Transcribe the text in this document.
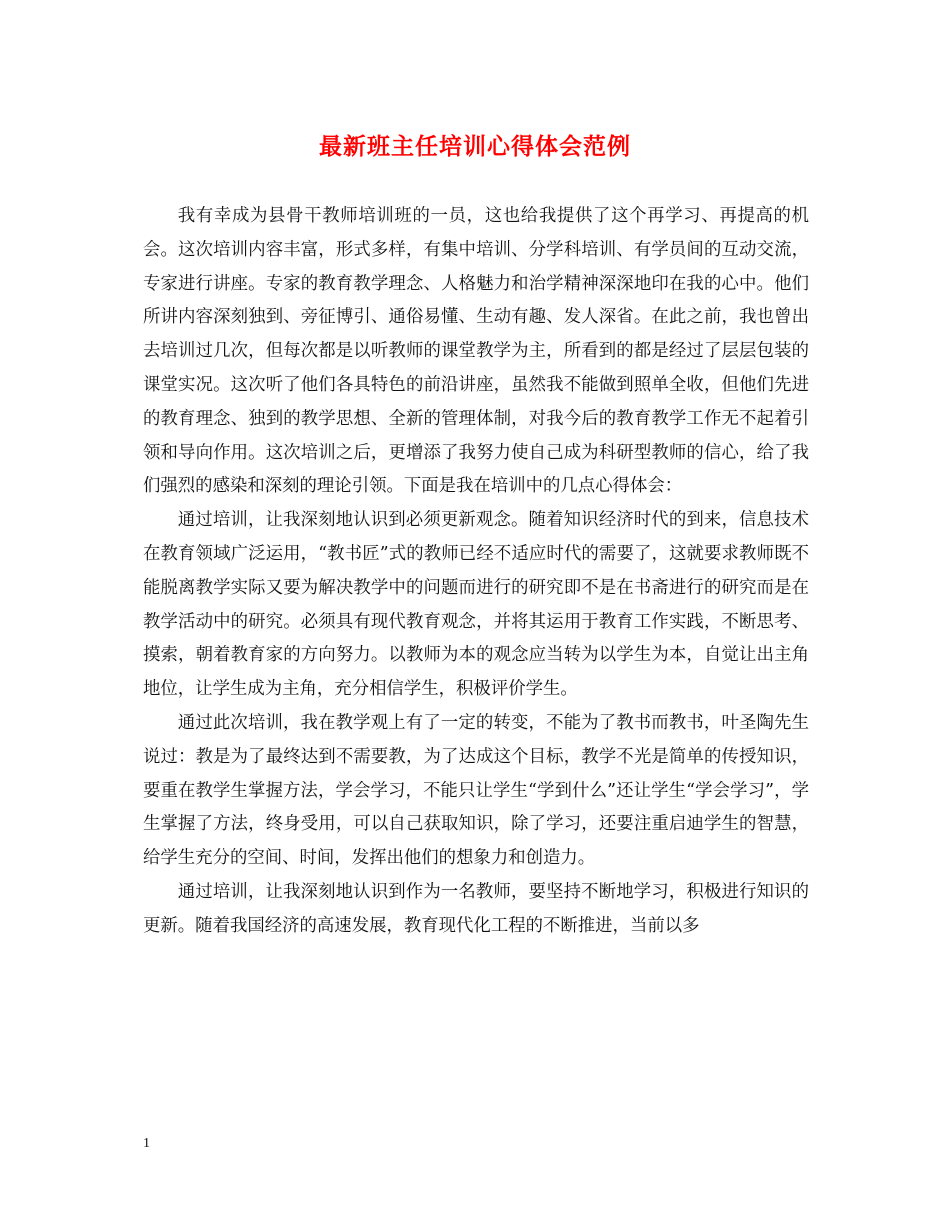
最新班主任培训心得体会范例

我有幸成为县骨干教师培训班的一员，这也给我提供了这个再学习、再提高的机会。这次培训内容丰富，形式多样，有集中培训、分学科培训、有学员间的互动交流，专家进行讲座。专家的教育教学理念、人格魅力和治学精神深深地印在我的心中。他们所讲内容深刻独到、旁征博引、通俗易懂、生动有趣、发人深省。在此之前，我也曾出去培训过几次，但每次都是以听教师的课堂教学为主，所看到的都是经过了层层包装的课堂实况。这次听了他们各具特色的前沿讲座，虽然我不能做到照单全收，但他们先进的教育理念、独到的教学思想、全新的管理体制，对我今后的教育教学工作无不起着引领和导向作用。这次培训之后，更增添了我努力使自己成为科研型教师的信心，给了我们强烈的感染和深刻的理论引领。下面是我在培训中的几点心得体会：

通过培训，让我深刻地认识到必须更新观念。随着知识经济时代的到来，信息技术在教育领域广泛运用，“教书匠”式的教师已经不适应时代的需要了，这就要求教师既不能脱离教学实际又要为解决教学中的问题而进行的研究即不是在书斋进行的研究而是在教学活动中的研究。必须具有现代教育观念，并将其运用于教育工作实践，不断思考、摸索，朝着教育家的方向努力。以教师为本的观念应当转为以学生为本，自觉让出主角地位，让学生成为主角，充分相信学生，积极评价学生。

通过此次培训，我在教学观上有了一定的转变，不能为了教书而教书，叶圣陶先生说过：教是为了最终达到不需要教，为了达成这个目标，教学不光是简单的传授知识，要重在教学生掌握方法，学会学习，不能只让学生“学到什么”还让学生“学会学习”，学生掌握了方法，终身受用，可以自己获取知识，除了学习，还要注重启迪学生的智慧，给学生充分的空间、时间，发挥出他们的想象力和创造力。

通过培训，让我深刻地认识到作为一名教师，要坚持不断地学习，积极进行知识的更新。随着我国经济的高速发展，教育现代化工程的不断推进，当前以多

1
